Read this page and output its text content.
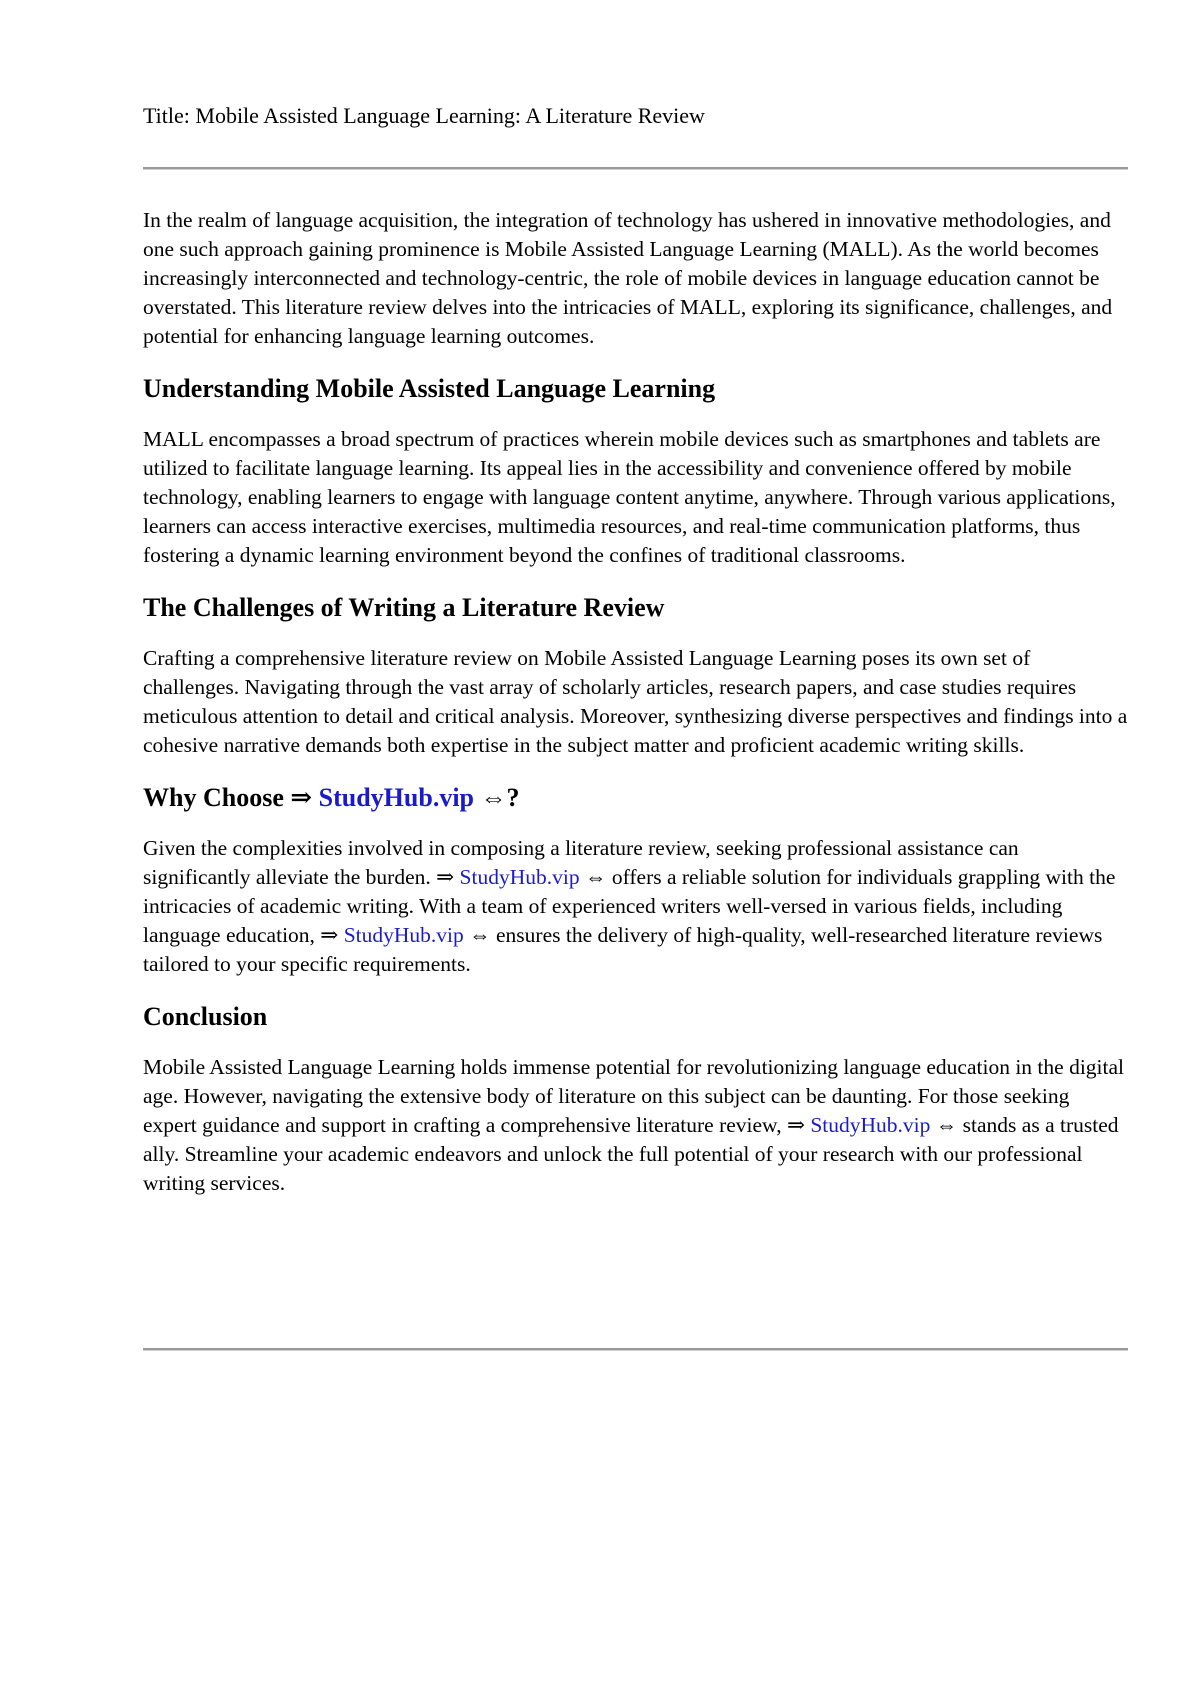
Title: Mobile Assisted Language Learning: A Literature Review

In the realm of language acquisition, the integration of technology has ushered in innovative methodologies, and one such approach gaining prominence is Mobile Assisted Language Learning (MALL). As the world becomes increasingly interconnected and technology-centric, the role of mobile devices in language education cannot be overstated. This literature review delves into the intricacies of MALL, exploring its significance, challenges, and potential for enhancing language learning outcomes.

Understanding Mobile Assisted Language Learning

MALL encompasses a broad spectrum of practices wherein mobile devices such as smartphones and tablets are utilized to facilitate language learning. Its appeal lies in the accessibility and convenience offered by mobile technology, enabling learners to engage with language content anytime, anywhere. Through various applications, learners can access interactive exercises, multimedia resources, and real-time communication platforms, thus fostering a dynamic learning environment beyond the confines of traditional classrooms.

The Challenges of Writing a Literature Review

Crafting a comprehensive literature review on Mobile Assisted Language Learning poses its own set of challenges. Navigating through the vast array of scholarly articles, research papers, and case studies requires meticulous attention to detail and critical analysis. Moreover, synthesizing diverse perspectives and findings into a cohesive narrative demands both expertise in the subject matter and proficient academic writing skills.

Why Choose ⇒ StudyHub.vip ⇔?

Given the complexities involved in composing a literature review, seeking professional assistance can significantly alleviate the burden. ⇒ StudyHub.vip ⇔ offers a reliable solution for individuals grappling with the intricacies of academic writing. With a team of experienced writers well-versed in various fields, including language education, ⇒ StudyHub.vip ⇔ ensures the delivery of high-quality, well-researched literature reviews tailored to your specific requirements.

Conclusion

Mobile Assisted Language Learning holds immense potential for revolutionizing language education in the digital age. However, navigating the extensive body of literature on this subject can be daunting. For those seeking expert guidance and support in crafting a comprehensive literature review, ⇒ StudyHub.vip ⇔ stands as a trusted ally. Streamline your academic endeavors and unlock the full potential of your research with our professional writing services.
